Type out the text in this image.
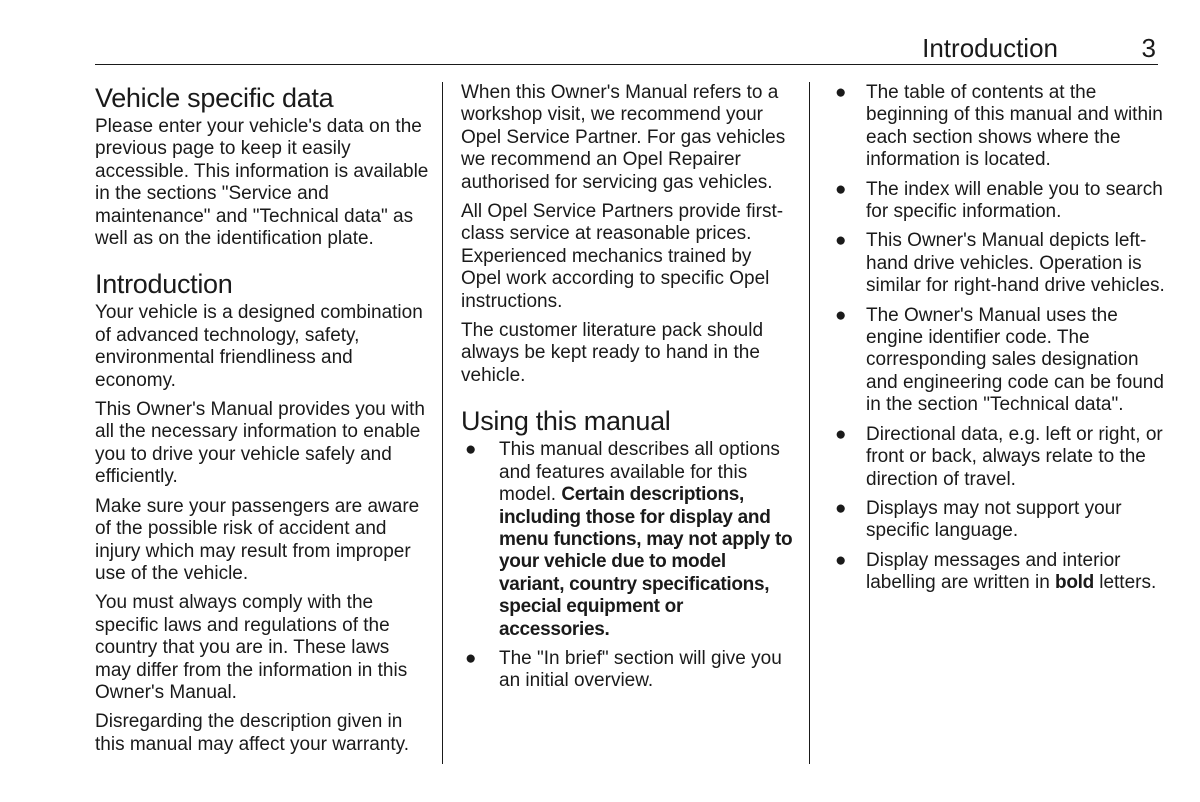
Introduction	3
Vehicle specific data

Please enter your vehicle's data on the previous page to keep it easily accessible. This information is available in the sections "Service and maintenance" and "Technical data" as well as on the identification plate.

Introduction

Your vehicle is a designed combination of advanced technology, safety, environmental friendliness and economy.

This Owner's Manual provides you with all the necessary information to enable you to drive your vehicle safely and efficiently.

Make sure your passengers are aware of the possible risk of accident and injury which may result from improper use of the vehicle.

You must always comply with the specific laws and regulations of the country that you are in. These laws may differ from the information in this Owner's Manual.

Disregarding the description given in this manual may affect your warranty.

When this Owner's Manual refers to a workshop visit, we recommend your Opel Service Partner. For gas vehicles we recommend an Opel Repairer authorised for servicing gas vehicles.

All Opel Service Partners provide first-class service at reasonable prices. Experienced mechanics trained by Opel work according to specific Opel instructions.

The customer literature pack should always be kept ready to hand in the vehicle.

Using this manual
● This manual describes all options and features available for this model. Certain descriptions, including those for display and menu functions, may not apply to your vehicle due to model variant, country specifications, special equipment or accessories.
● The "In brief" section will give you an initial overview.
● The table of contents at the beginning of this manual and within each section shows where the information is located.
● The index will enable you to search for specific information.
● This Owner's Manual depicts left-hand drive vehicles. Operation is similar for right-hand drive vehicles.
● The Owner's Manual uses the engine identifier code. The corresponding sales designation and engineering code can be found in the section "Technical data".
● Directional data, e.g. left or right, or front or back, always relate to the direction of travel.
● Displays may not support your specific language.
● Display messages and interior labelling are written in bold letters.
